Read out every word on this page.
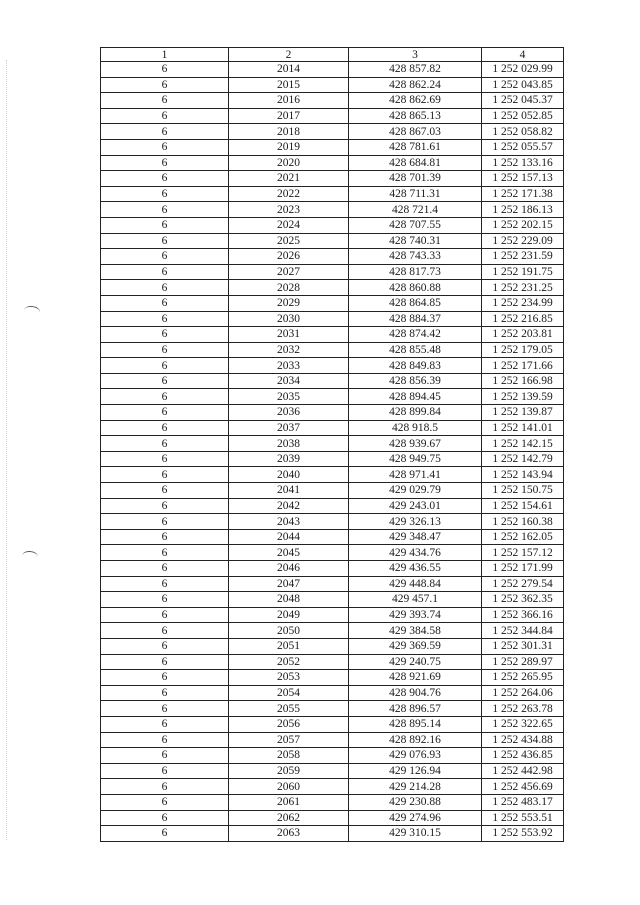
1	2	3	4
6	2014	428 857.82	1 252 029.99
6	2015	428 862.24	1 252 043.85
6	2016	428 862.69	1 252 045.37
6	2017	428 865.13	1 252 052.85
6	2018	428 867.03	1 252 058.82
6	2019	428 781.61	1 252 055.57
6	2020	428 684.81	1 252 133.16
6	2021	428 701.39	1 252 157.13
6	2022	428 711.31	1 252 171.38
6	2023	428 721.4	1 252 186.13
6	2024	428 707.55	1 252 202.15
6	2025	428 740.31	1 252 229.09
6	2026	428 743.33	1 252 231.59
6	2027	428 817.73	1 252 191.75
6	2028	428 860.88	1 252 231.25
6	2029	428 864.85	1 252 234.99
6	2030	428 884.37	1 252 216.85
6	2031	428 874.42	1 252 203.81
6	2032	428 855.48	1 252 179.05
6	2033	428 849.83	1 252 171.66
6	2034	428 856.39	1 252 166.98
6	2035	428 894.45	1 252 139.59
6	2036	428 899.84	1 252 139.87
6	2037	428 918.5	1 252 141.01
6	2038	428 939.67	1 252 142.15
6	2039	428 949.75	1 252 142.79
6	2040	428 971.41	1 252 143.94
6	2041	429 029.79	1 252 150.75
6	2042	429 243.01	1 252 154.61
6	2043	429 326.13	1 252 160.38
6	2044	429 348.47	1 252 162.05
6	2045	429 434.76	1 252 157.12
6	2046	429 436.55	1 252 171.99
6	2047	429 448.84	1 252 279.54
6	2048	429 457.1	1 252 362.35
6	2049	429 393.74	1 252 366.16
6	2050	429 384.58	1 252 344.84
6	2051	429 369.59	1 252 301.31
6	2052	429 240.75	1 252 289.97
6	2053	428 921.69	1 252 265.95
6	2054	428 904.76	1 252 264.06
6	2055	428 896.57	1 252 263.78
6	2056	428 895.14	1 252 322.65
6	2057	428 892.16	1 252 434.88
6	2058	429 076.93	1 252 436.85
6	2059	429 126.94	1 252 442.98
6	2060	429 214.28	1 252 456.69
6	2061	429 230.88	1 252 483.17
6	2062	429 274.96	1 252 553.51
6	2063	429 310.15	1 252 553.92
